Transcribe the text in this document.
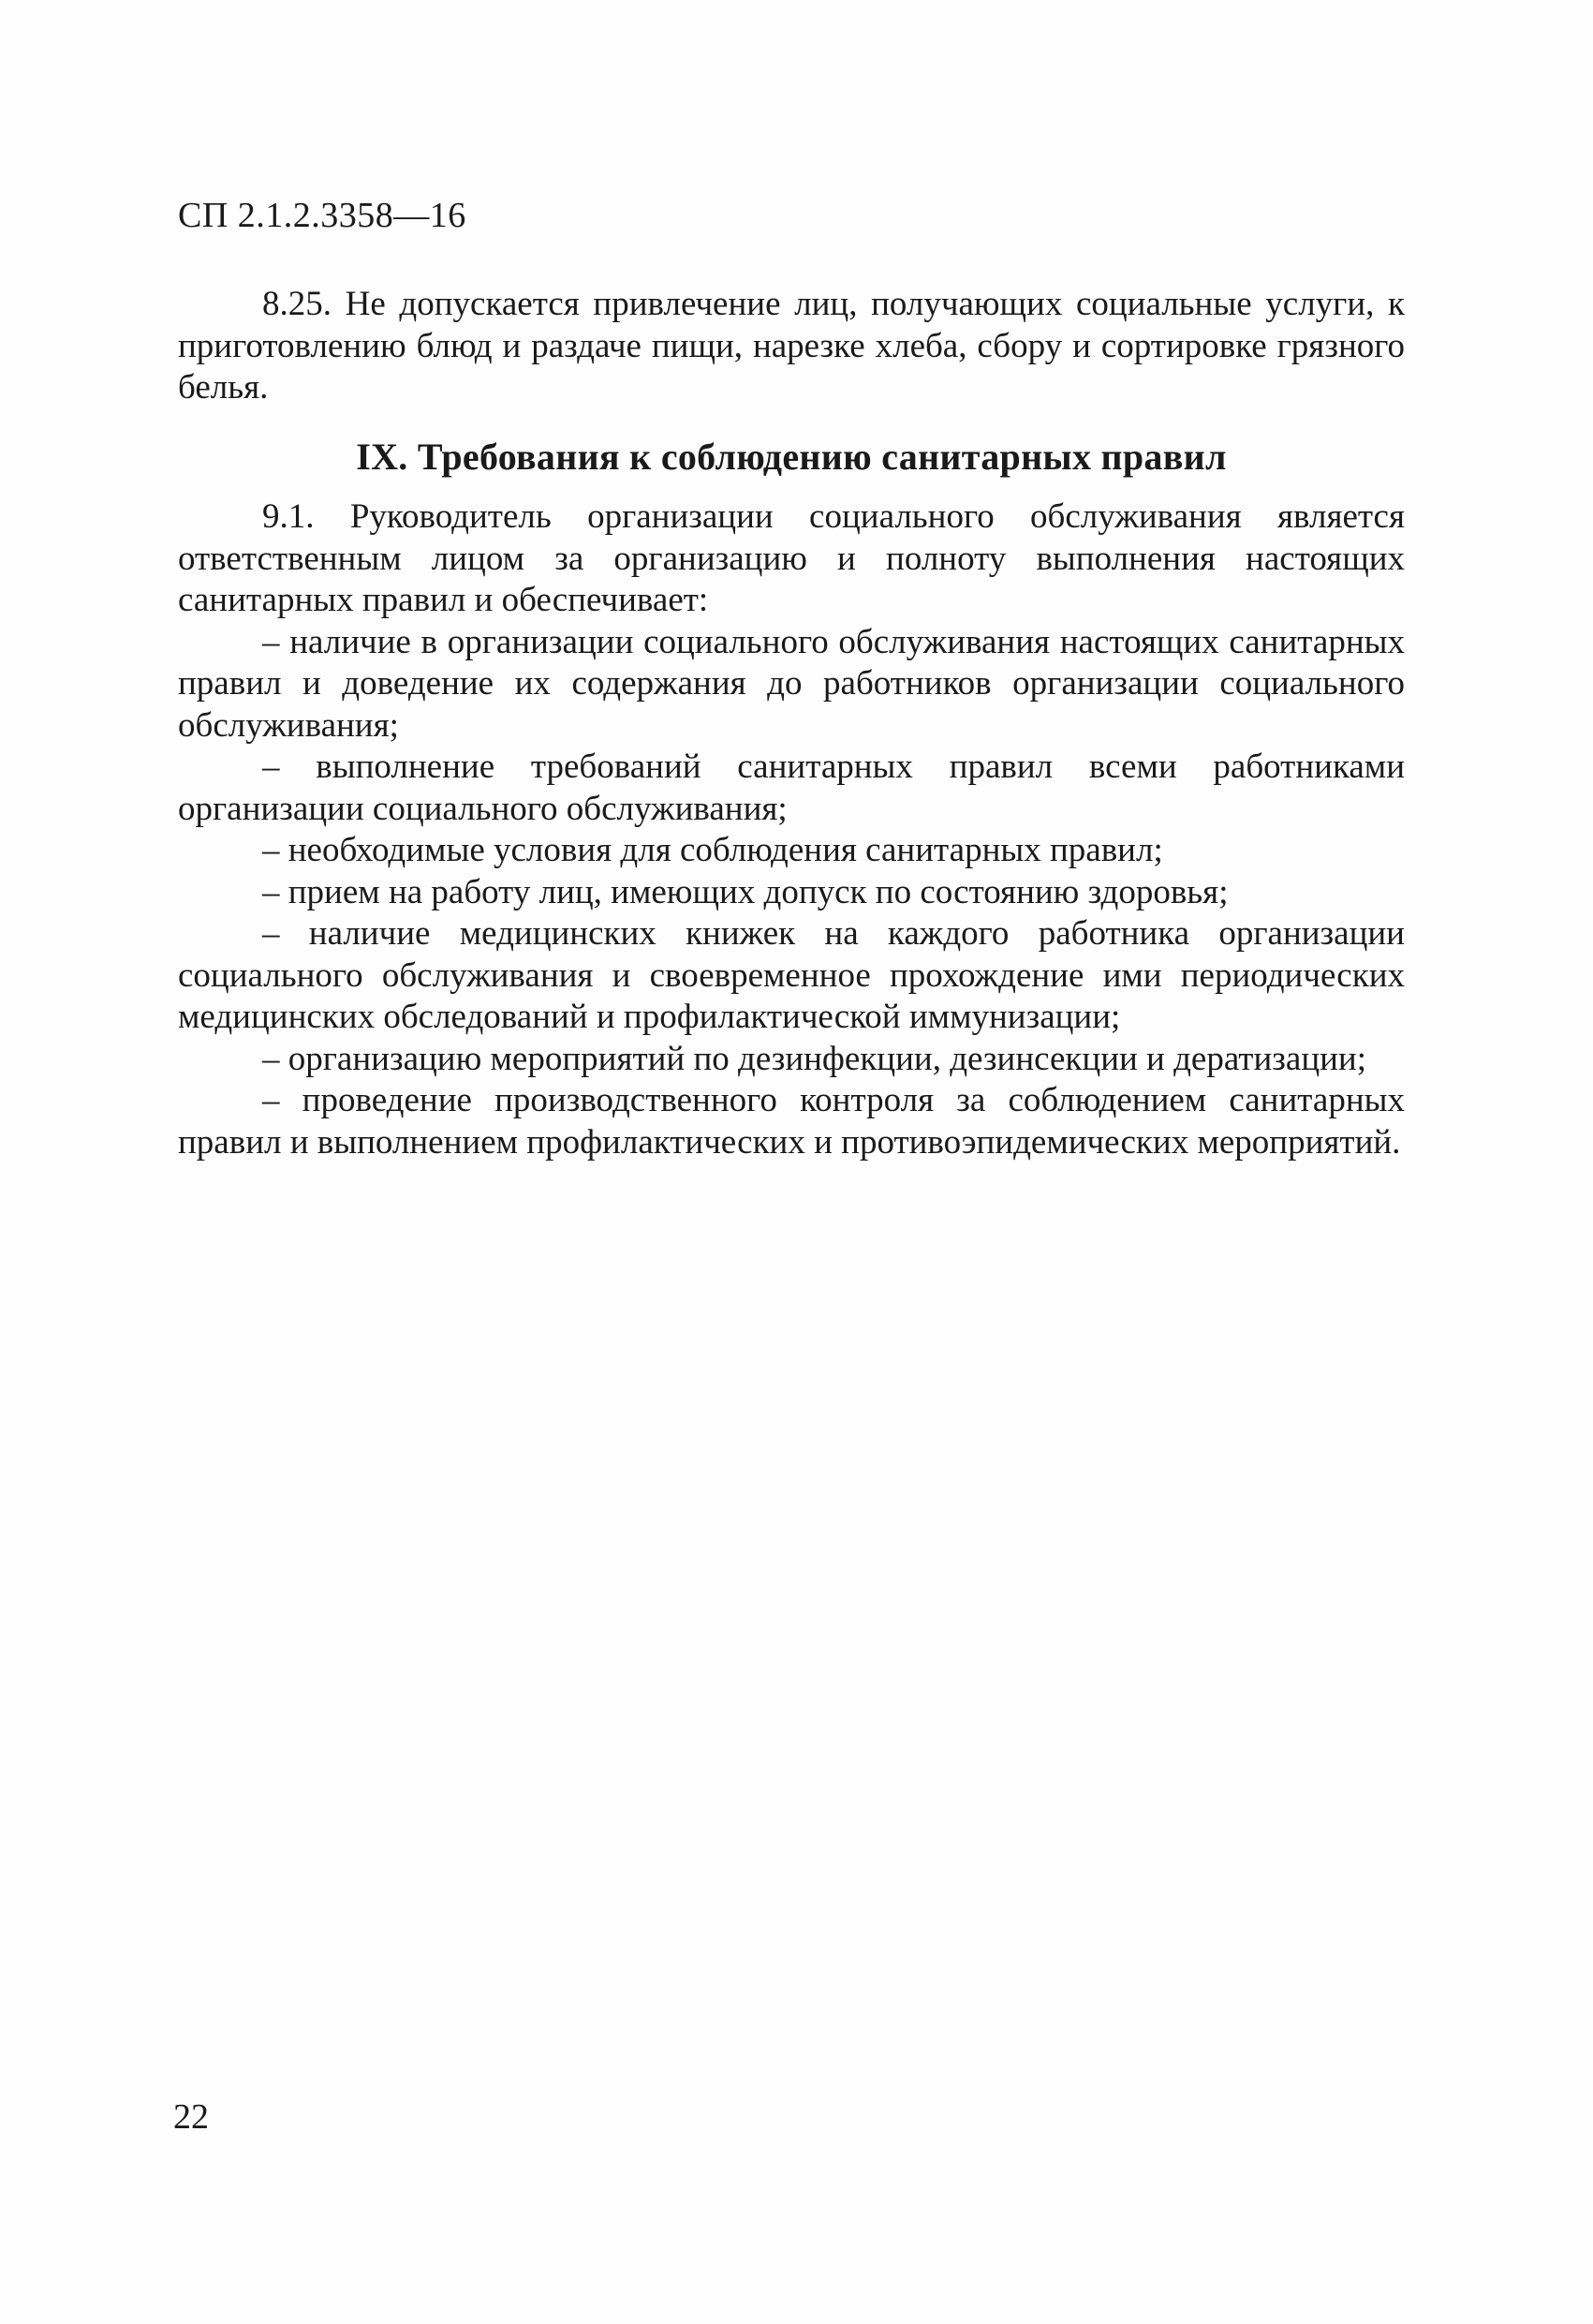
СП 2.1.2.3358—16

8.25. Не допускается привлечение лиц, получающих социальные услуги, к приготовлению блюд и раздаче пищи, нарезке хлеба, сбору и сортировке грязного белья.

IX. Требования к соблюдению санитарных правил

9.1. Руководитель организации социального обслуживания является ответственным лицом за организацию и полноту выполнения настоящих санитарных правил и обеспечивает:

– наличие в организации социального обслуживания настоящих санитарных правил и доведение их содержания до работников организации социального обслуживания;

– выполнение требований санитарных правил всеми работниками организации социального обслуживания;

– необходимые условия для соблюдения санитарных правил;

– прием на работу лиц, имеющих допуск по состоянию здоровья;

– наличие медицинских книжек на каждого работника организации социального обслуживания и своевременное прохождение ими периодических медицинских обследований и профилактической иммунизации;

– организацию мероприятий по дезинфекции, дезинсекции и дератизации;

– проведение производственного контроля за соблюдением санитарных правил и выполнением профилактических и противоэпидемических мероприятий.

22
